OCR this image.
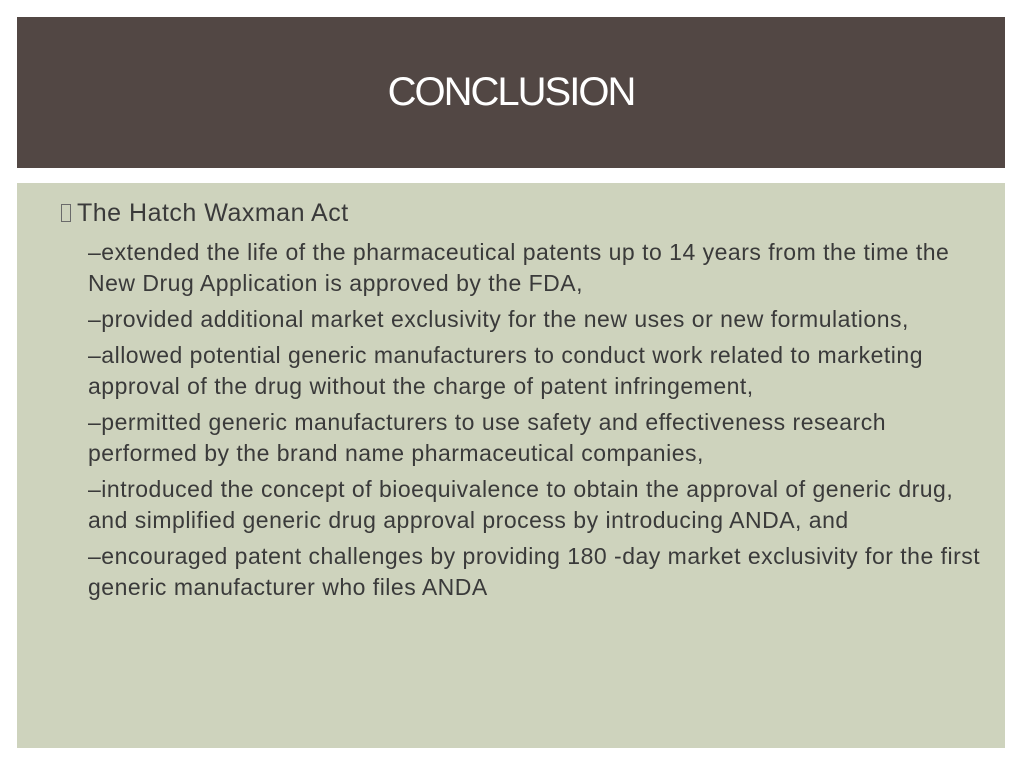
CONCLUSION
The Hatch Waxman Act
–extended the life of the pharmaceutical patents up to 14 years from the time the New Drug Application is approved by the FDA,
–provided additional market exclusivity for the new uses or new formulations,
–allowed potential generic manufacturers to conduct work related to marketing approval of the drug without the charge of patent infringement,
–permitted generic manufacturers to use safety and effectiveness research performed by the brand name pharmaceutical companies,
–introduced the concept of bioequivalence to obtain the approval of generic drug, and simplified generic drug approval process by introducing ANDA, and
–encouraged patent challenges by providing 180 -day market exclusivity for the first generic manufacturer who files ANDA
